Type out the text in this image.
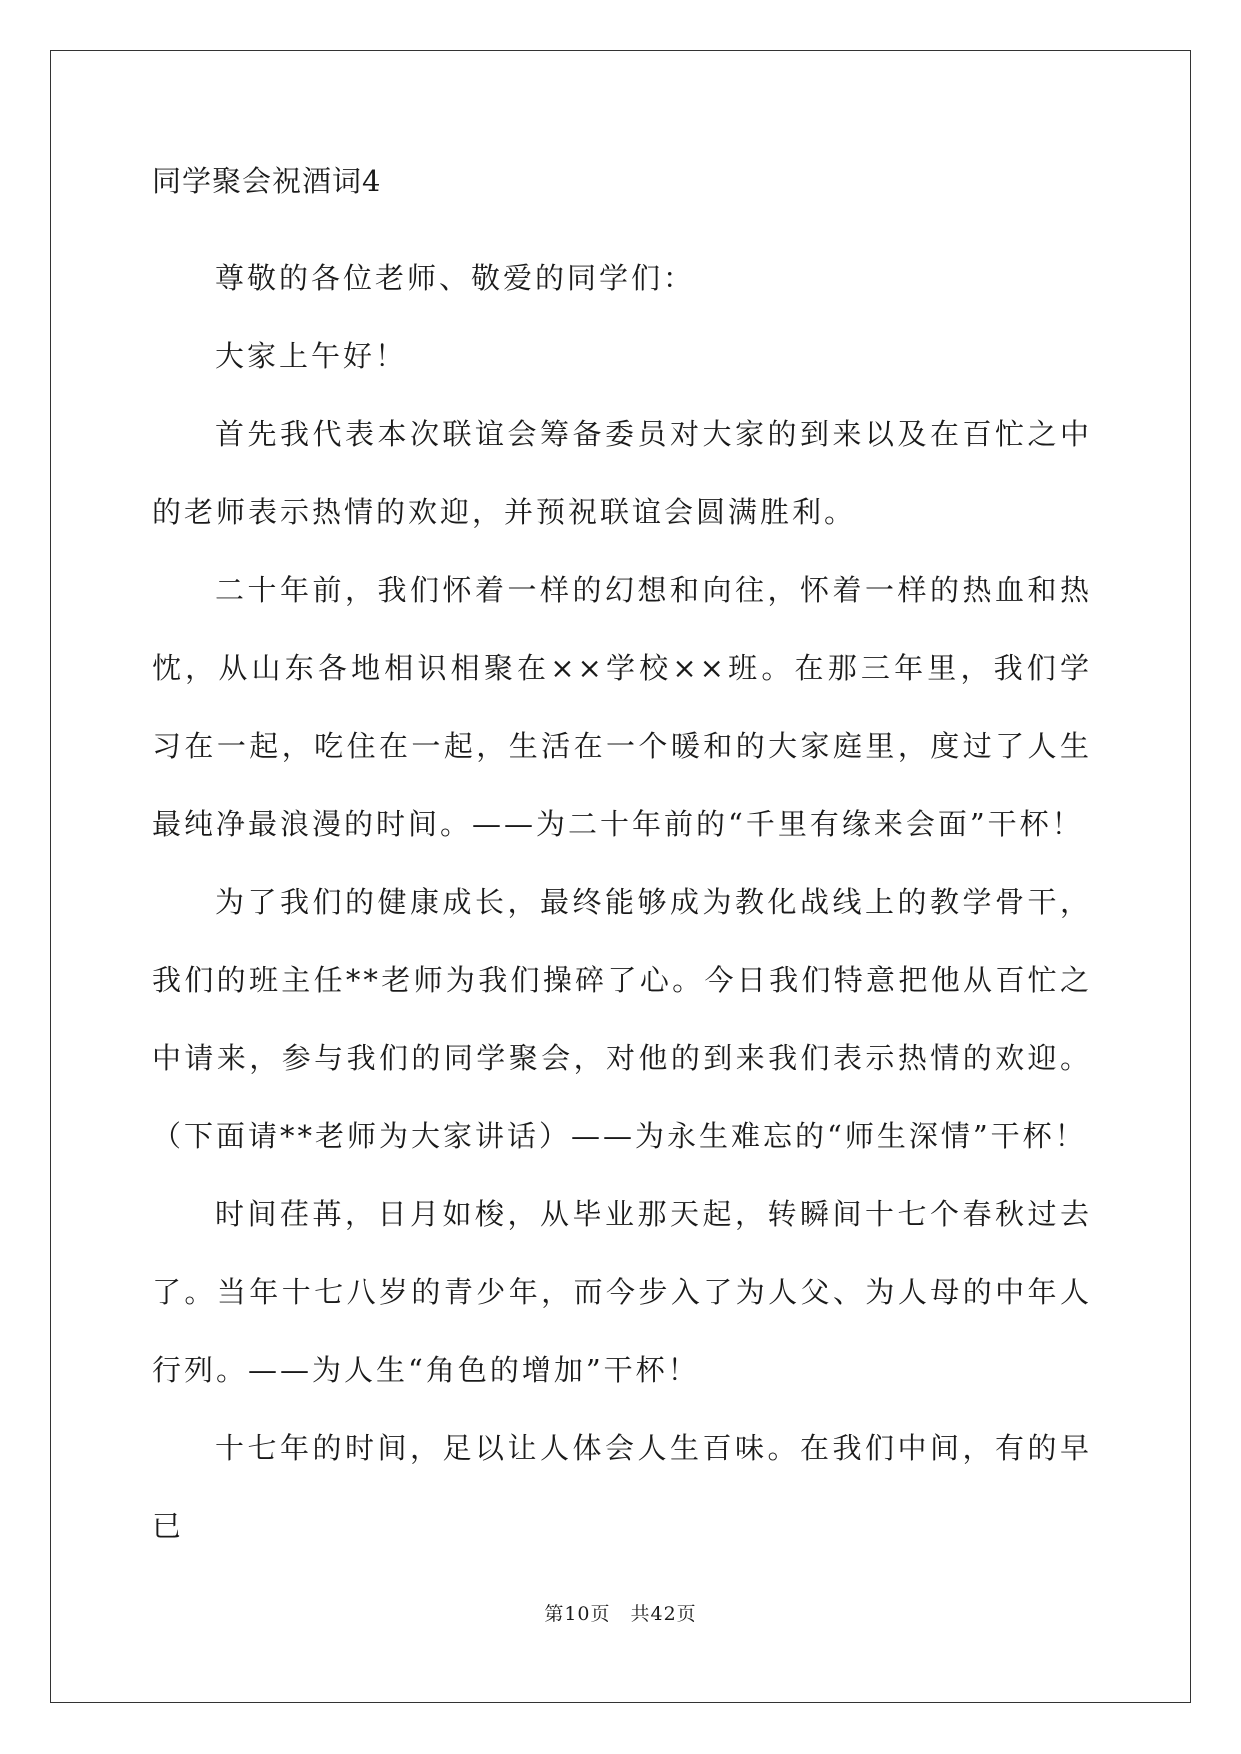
同学聚会祝酒词4

尊敬的各位老师、敬爱的同学们：

大家上午好！

首先我代表本次联谊会筹备委员对大家的到来以及在百忙之中的老师表示热情的欢迎，并预祝联谊会圆满胜利。

二十年前，我们怀着一样的幻想和向往，怀着一样的热血和热忱，从山东各地相识相聚在××学校××班。在那三年里，我们学习在一起，吃住在一起，生活在一个暖和的大家庭里，度过了人生最纯净最浪漫的时间。——为二十年前的“千里有缘来会面”干杯！

为了我们的健康成长，最终能够成为教化战线上的教学骨干，我们的班主任**老师为我们操碎了心。今日我们特意把他从百忙之中请来，参与我们的同学聚会，对他的到来我们表示热情的欢迎。（下面请**老师为大家讲话）——为永生难忘的“师生深情”干杯！

时间荏苒，日月如梭，从毕业那天起，转瞬间十七个春秋过去了。当年十七八岁的青少年，而今步入了为人父、为人母的中年人行列。——为人生“角色的增加”干杯！

十七年的时间，足以让人体会人生百味。在我们中间，有的早已

第10页　共42页
